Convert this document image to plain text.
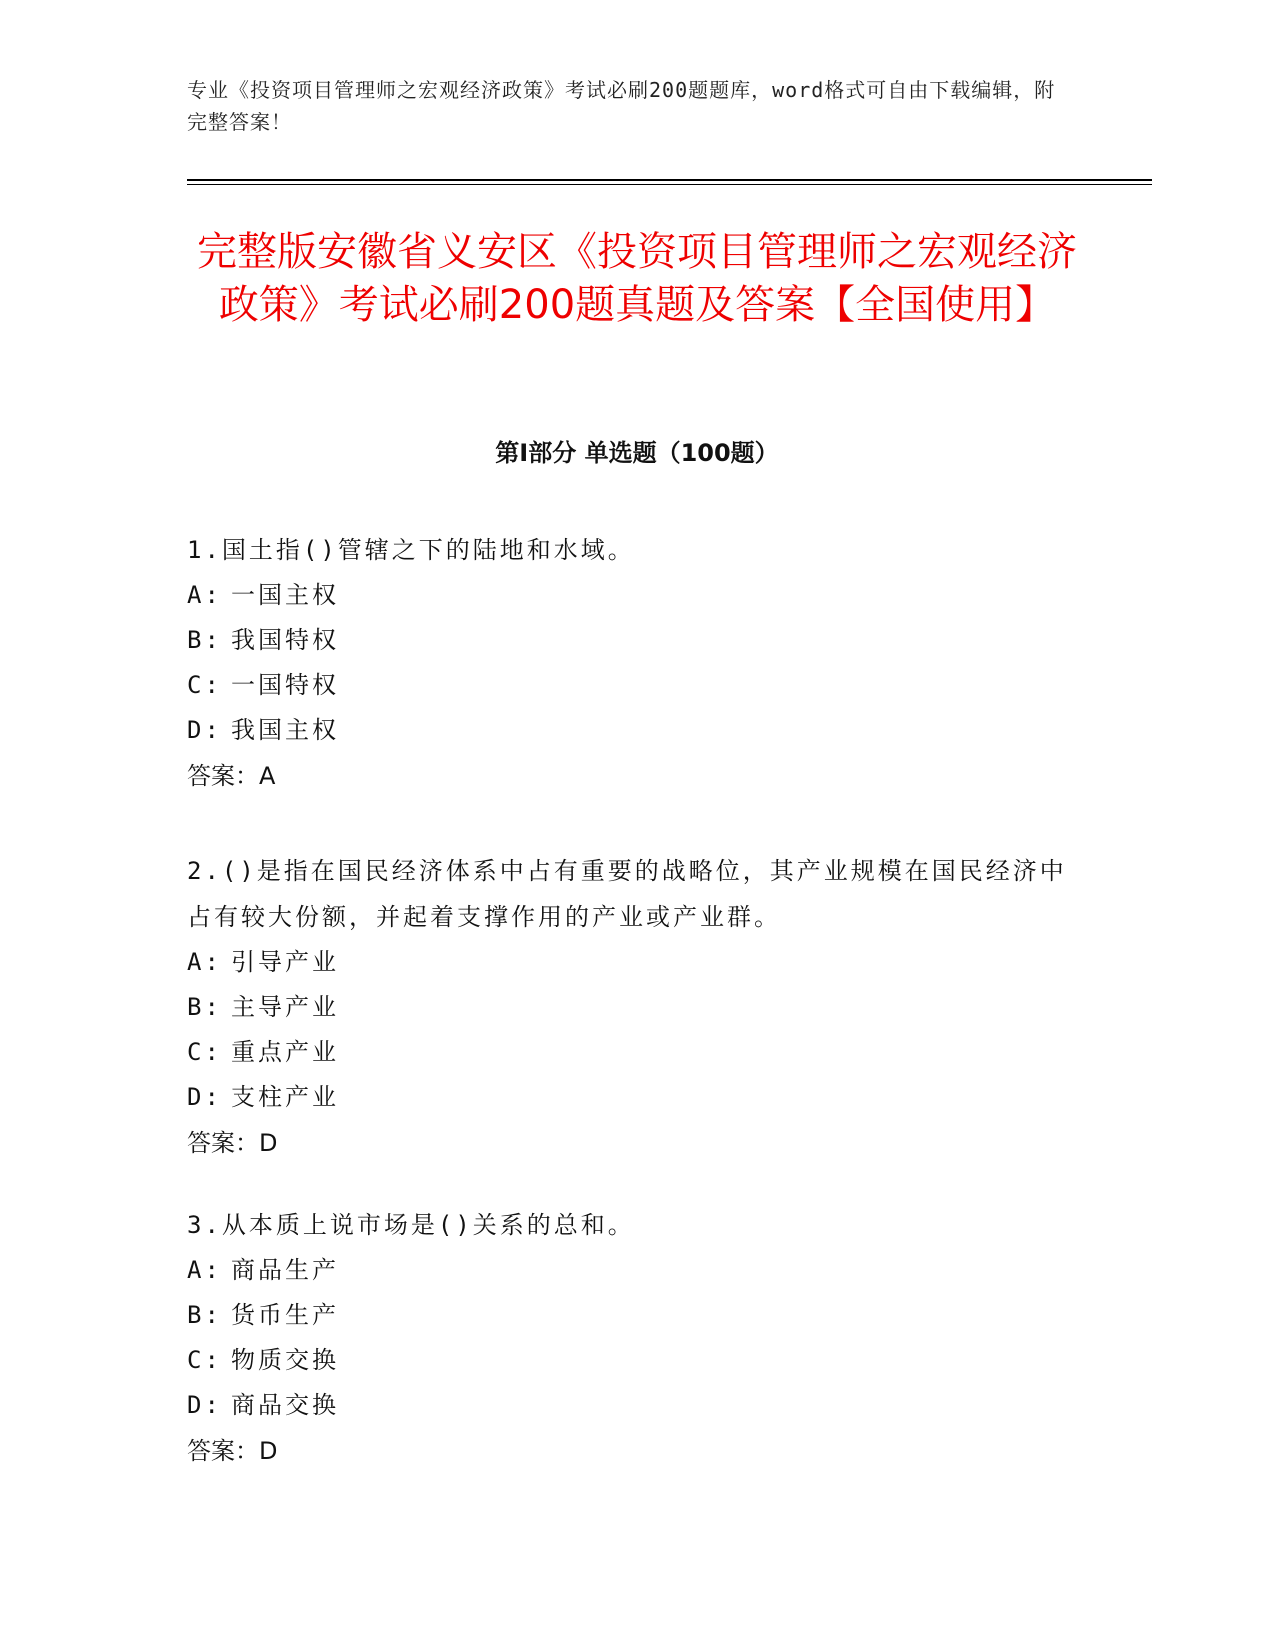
专业《投资项目管理师之宏观经济政策》考试必刷200题题库，word格式可自由下载编辑，附完整答案！
完整版安徽省义安区《投资项目管理师之宏观经济政策》考试必刷200题真题及答案【全国使用】
第I部分 单选题（100题）

1.国土指()管辖之下的陆地和水域。

A: 一国主权

B: 我国特权

C: 一国特权

D: 我国主权

答案：A

2.()是指在国民经济体系中占有重要的战略位，其产业规模在国民经济中占有较大份额，并起着支撑作用的产业或产业群。

A: 引导产业

B: 主导产业

C: 重点产业

D: 支柱产业

答案：D

3.从本质上说市场是()关系的总和。

A: 商品生产

B: 货币生产

C: 物质交换

D: 商品交换

答案：D
